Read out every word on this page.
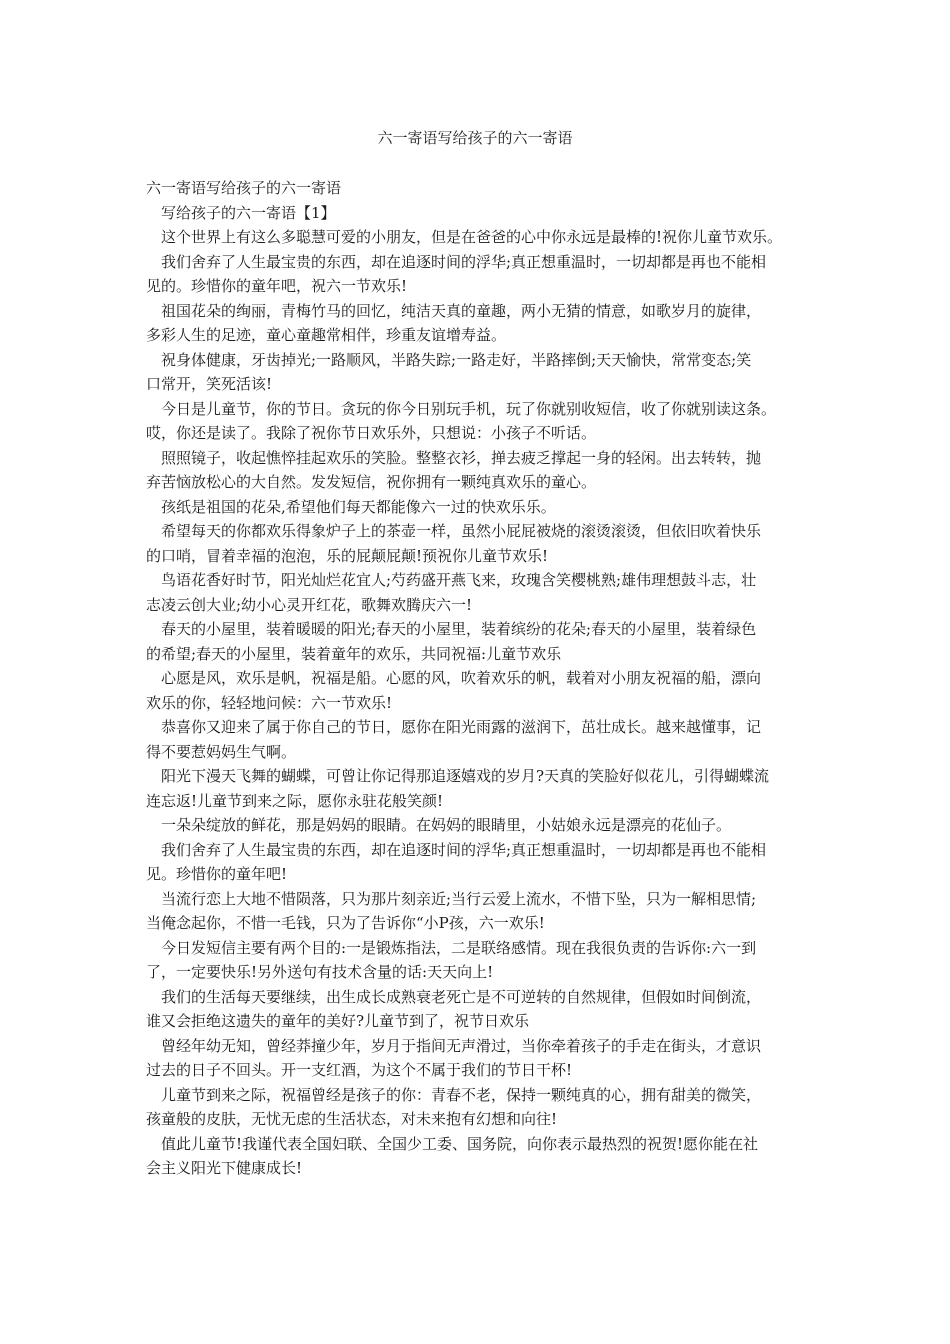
六一寄语写给孩子的六一寄语
六一寄语写给孩子的六一寄语
写给孩子的六一寄语【1】
这个世界上有这么多聪慧可爱的小朋友，但是在爸爸的心中你永远是最棒的!祝你儿童节欢乐。
我们舍弃了人生最宝贵的东西，却在追逐时间的浮华;真正想重温时，一切却都是再也不能相
见的。珍惜你的童年吧，祝六一节欢乐!
祖国花朵的绚丽，青梅竹马的回忆，纯洁天真的童趣，两小无猜的情意，如歌岁月的旋律，
多彩人生的足迹，童心童趣常相伴，珍重友谊增寿益。
祝身体健康，牙齿掉光;一路顺风，半路失踪;一路走好，半路摔倒;天天愉快，常常变态;笑
口常开，笑死活该!
今日是儿童节，你的节日。贪玩的你今日别玩手机，玩了你就别收短信，收了你就别读这条。
哎，你还是读了。我除了祝你节日欢乐外，只想说：小孩子不听话。
照照镜子，收起憔悴挂起欢乐的笑脸。整整衣衫，掸去疲乏撑起一身的轻闲。出去转转，抛
弃苦恼放松心的大自然。发发短信，祝你拥有一颗纯真欢乐的童心。
孩纸是祖国的花朵,希望他们每天都能像六一过的快欢乐乐。
希望每天的你都欢乐得象炉子上的茶壶一样，虽然小屁屁被烧的滚烫滚烫，但依旧吹着快乐
的口哨，冒着幸福的泡泡，乐的屁颠屁颠!预祝你儿童节欢乐!
鸟语花香好时节，阳光灿烂花宜人;芍药盛开燕飞来，玫瑰含笑樱桃熟;雄伟理想鼓斗志，壮
志凌云创大业;幼小心灵开红花，歌舞欢腾庆六一!
春天的小屋里，装着暖暖的阳光;春天的小屋里，装着缤纷的花朵;春天的小屋里，装着绿色
的希望;春天的小屋里，装着童年的欢乐，共同祝福:儿童节欢乐
心愿是风，欢乐是帆，祝福是船。心愿的风，吹着欢乐的帆，载着对小朋友祝福的船，漂向
欢乐的你，轻轻地问候：六一节欢乐!
恭喜你又迎来了属于你自己的节日，愿你在阳光雨露的滋润下，茁壮成长。越来越懂事，记
得不要惹妈妈生气啊。
阳光下漫天飞舞的蝴蝶，可曾让你记得那追逐嬉戏的岁月?天真的笑脸好似花儿，引得蝴蝶流
连忘返!儿童节到来之际，愿你永驻花般笑颜!
一朵朵绽放的鲜花，那是妈妈的眼睛。在妈妈的眼睛里，小姑娘永远是漂亮的花仙子。
我们舍弃了人生最宝贵的东西，却在追逐时间的浮华;真正想重温时，一切却都是再也不能相
见。珍惜你的童年吧!
当流行恋上大地不惜陨落，只为那片刻亲近;当行云爱上流水，不惜下坠，只为一解相思情;
当俺念起你，不惜一毛钱，只为了告诉你“小P孩，六一欢乐!
今日发短信主要有两个目的:一是锻炼指法，二是联络感情。现在我很负责的告诉你:六一到
了，一定要快乐!另外送句有技术含量的话:天天向上!
我们的生活每天要继续，出生成长成熟衰老死亡是不可逆转的自然规律，但假如时间倒流，
谁又会拒绝这遗失的童年的美好?儿童节到了，祝节日欢乐
曾经年幼无知，曾经莽撞少年，岁月于指间无声滑过，当你牵着孩子的手走在街头，才意识
过去的日子不回头。开一支红酒，为这个不属于我们的节日干杯!
儿童节到来之际，祝福曾经是孩子的你：青春不老，保持一颗纯真的心，拥有甜美的微笑，
孩童般的皮肤，无忧无虑的生活状态，对未来抱有幻想和向往!
值此儿童节!我谨代表全国妇联、全国少工委、国务院，向你表示最热烈的祝贺!愿你能在社
会主义阳光下健康成长!
